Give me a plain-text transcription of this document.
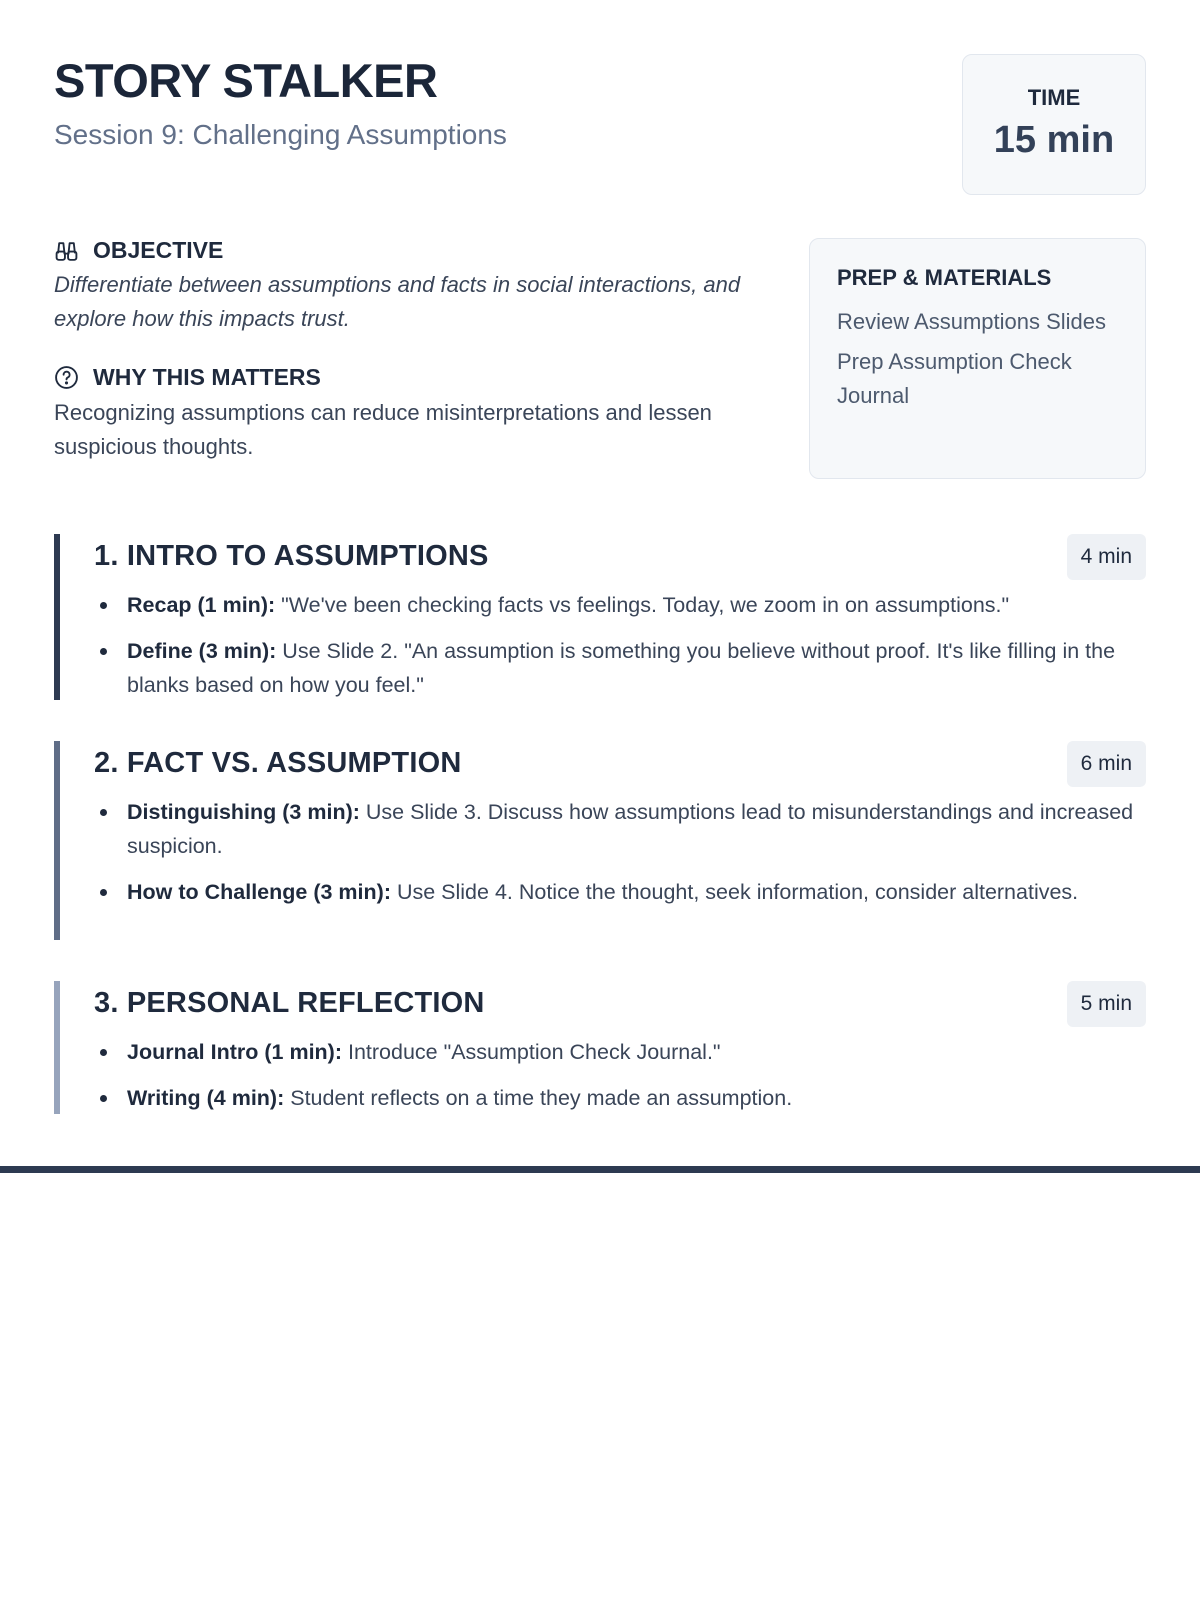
STORY STALKER

Session 9: Challenging Assumptions

TIME
15 min
OBJECTIVE

Differentiate between assumptions and facts in social interactions, and explore how this impacts trust.

WHY THIS MATTERS

Recognizing assumptions can reduce misinterpretations and lessen suspicious thoughts.

PREP & MATERIALS

Review Assumptions Slides

Prep Assumption Check Journal

1. INTRO TO ASSUMPTIONS	4 min
Recap (1 min): "We've been checking facts vs feelings. Today, we zoom in on assumptions."
Define (3 min): Use Slide 2. "An assumption is something you believe without proof. It's like filling in the blanks based on how you feel."
2. FACT VS. ASSUMPTION	6 min
Distinguishing (3 min): Use Slide 3. Discuss how assumptions lead to misunderstandings and increased suspicion.
How to Challenge (3 min): Use Slide 4. Notice the thought, seek information, consider alternatives.
3. PERSONAL REFLECTION	5 min
Journal Intro (1 min): Introduce "Assumption Check Journal."
Writing (4 min): Student reflects on a time they made an assumption.
